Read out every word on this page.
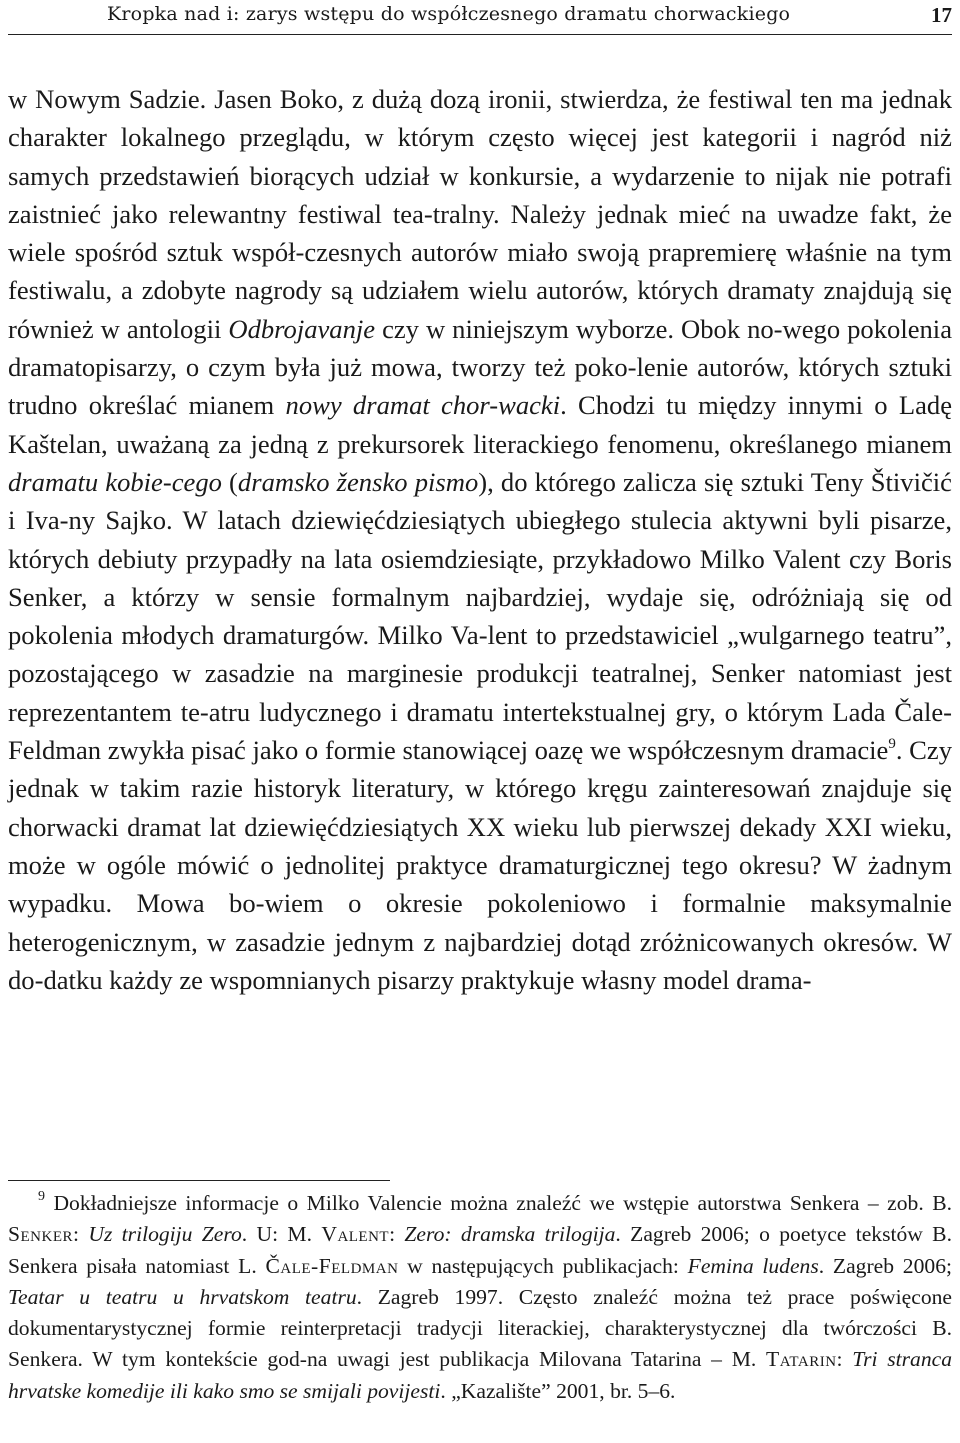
Kropka nad i: zarys wstępu do współczesnego dramatu chorwackiego	17

w Nowym Sadzie. Jasen Boko, z dużą dozą ironii, stwierdza, że festiwal ten ma jednak charakter lokalnego przeglądu, w którym często więcej jest kategorii i nagród niż samych przedstawień biorących udział w konkursie, a wydarzenie to nijak nie potrafi zaistnieć jako relewantny festiwal tea-tralny. Należy jednak mieć na uwadze fakt, że wiele spośród sztuk współ-czesnych autorów miało swoją prapremierę właśnie na tym festiwalu, a zdobyte nagrody są udziałem wielu autorów, których dramaty znajdują się również w antologii Odbrojavanje czy w niniejszym wyborze. Obok no-wego pokolenia dramatopisarzy, o czym była już mowa, tworzy też poko-lenie autorów, których sztuki trudno określać mianem nowy dramat chor-wacki. Chodzi tu między innymi o Ladę Kaštelan, uważaną za jedną z prekursorek literackiego fenomenu, określanego mianem dramatu kobie-cego (dramsko žensko pismo), do którego zalicza się sztuki Teny Štivičić i Iva-ny Sajko. W latach dziewięćdziesiątych ubiegłego stulecia aktywni byli pisarze, których debiuty przypadły na lata osiemdziesiąte, przykładowo Milko Valent czy Boris Senker, a którzy w sensie formalnym najbardziej, wydaje się, odróżniają się od pokolenia młodych dramaturgów. Milko Va-lent to przedstawiciel „wulgarnego teatru”, pozostającego w zasadzie na marginesie produkcji teatralnej, Senker natomiast jest reprezentantem te-atru ludycznego i dramatu intertekstualnej gry, o którym Lada Čale-Feldman zwykła pisać jako o formie stanowiącej oazę we współczesnym dramacie$^9$. Czy jednak w takim razie historyk literatury, w którego kręgu zainteresowań znajduje się chorwacki dramat lat dziewięćdziesiątych XX wieku lub pierwszej dekady XXI wieku, może w ogóle mówić o jednolitej praktyce dramaturgicznej tego okresu? W żadnym wypadku. Mowa bo-wiem o okresie pokoleniowo i formalnie maksymalnie heterogenicznym, w zasadzie jednym z najbardziej dotąd zróżnicowanych okresów. W do-datku każdy ze wspomnianych pisarzy praktykuje własny model drama-

$^9$ Dokładniejsze informacje o Milko Valencie można znaleźć we wstępie autorstwa Senkera – zob. B. Senker: Uz trilogiju Zero. U: M. Valent: Zero: dramska trilogija. Zagreb 2006; o poetyce tekstów B. Senkera pisała natomiast L. Čale-Feldman w następujących publikacjach: Femina ludens. Zagreb 2006; Teatar u teatru u hrvatskom teatru. Zagreb 1997. Często znaleźć można też prace poświęcone dokumentarystycznej formie reinterpretacji tradycji literackiej, charakterystycznej dla twórczości B. Senkera. W tym kontekście god-na uwagi jest publikacja Milovana Tatarina – M. Tatarin: Tri stranca hrvatske komedije ili kako smo se smijali povijesti. „Kazalište” 2001, br. 5–6.
